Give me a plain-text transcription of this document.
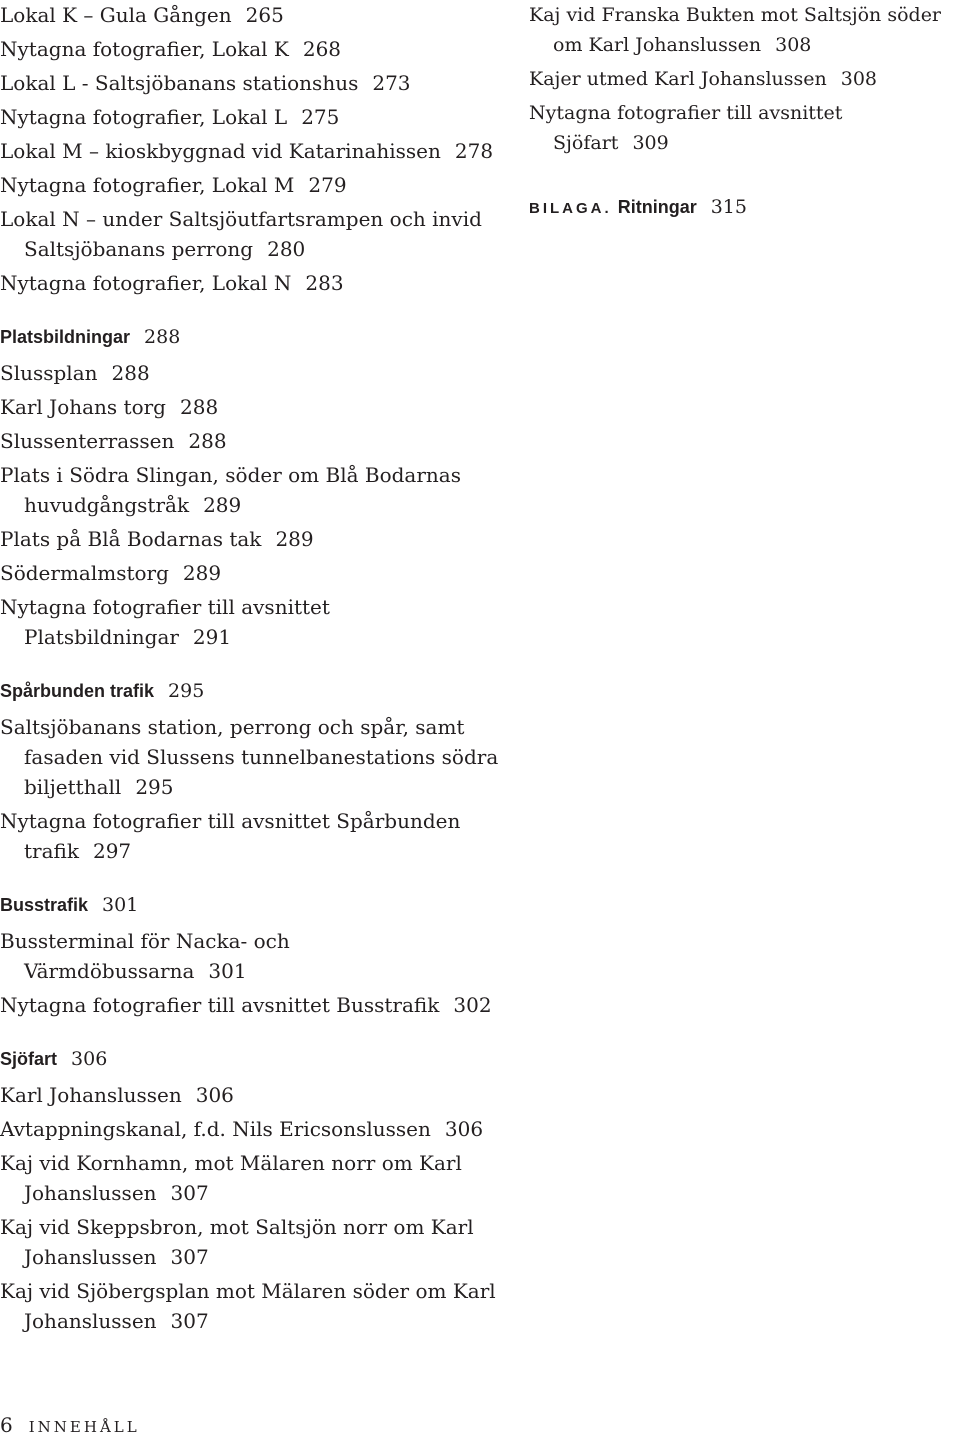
Lokal K – Gula Gången 265

Nytagna fotografier, Lokal K 268

Lokal L - Saltsjöbanans stationshus 273

Nytagna fotografier, Lokal L 275

Lokal M – kioskbyggnad vid Katarinahissen 278

Nytagna fotografier, Lokal M 279

Lokal N – under Saltsjöutfartsrampen och invid Saltsjöbanans perrong 280

Nytagna fotografier, Lokal N 283

Platsbildningar 288

Slussplan 288

Karl Johans torg 288

Slussenterrassen 288

Plats i Södra Slingan, söder om Blå Bodarnas huvudgångstråk 289

Plats på Blå Bodarnas tak 289

Södermalmstorg 289

Nytagna fotografier till avsnittet Platsbildningar 291

Spårbunden trafik 295

Saltsjöbanans station, perrong och spår, samt fasaden vid Slussens tunnelbanestations södra biljetthall 295

Nytagna fotografier till avsnittet Spårbunden trafik 297

Busstrafik 301

Bussterminal för Nacka- och Värmdöbussarna 301

Nytagna fotografier till avsnittet Busstrafik 302

Sjöfart 306

Karl Johanslussen 306

Avtappningskanal, f.d. Nils Ericsonslussen 306

Kaj vid Kornhamn, mot Mälaren norr om Karl Johanslussen 307

Kaj vid Skeppsbron, mot Saltsjön norr om Karl Johanslussen 307

Kaj vid Sjöbergsplan mot Mälaren söder om Karl Johanslussen 307

Kaj vid Franska Bukten mot Saltsjön söder om Karl Johanslussen 308

Kajer utmed Karl Johanslussen 308

Nytagna fotografier till avsnittet Sjöfart 309

BILAGA. Ritningar 315

6 INNEHÅLL
